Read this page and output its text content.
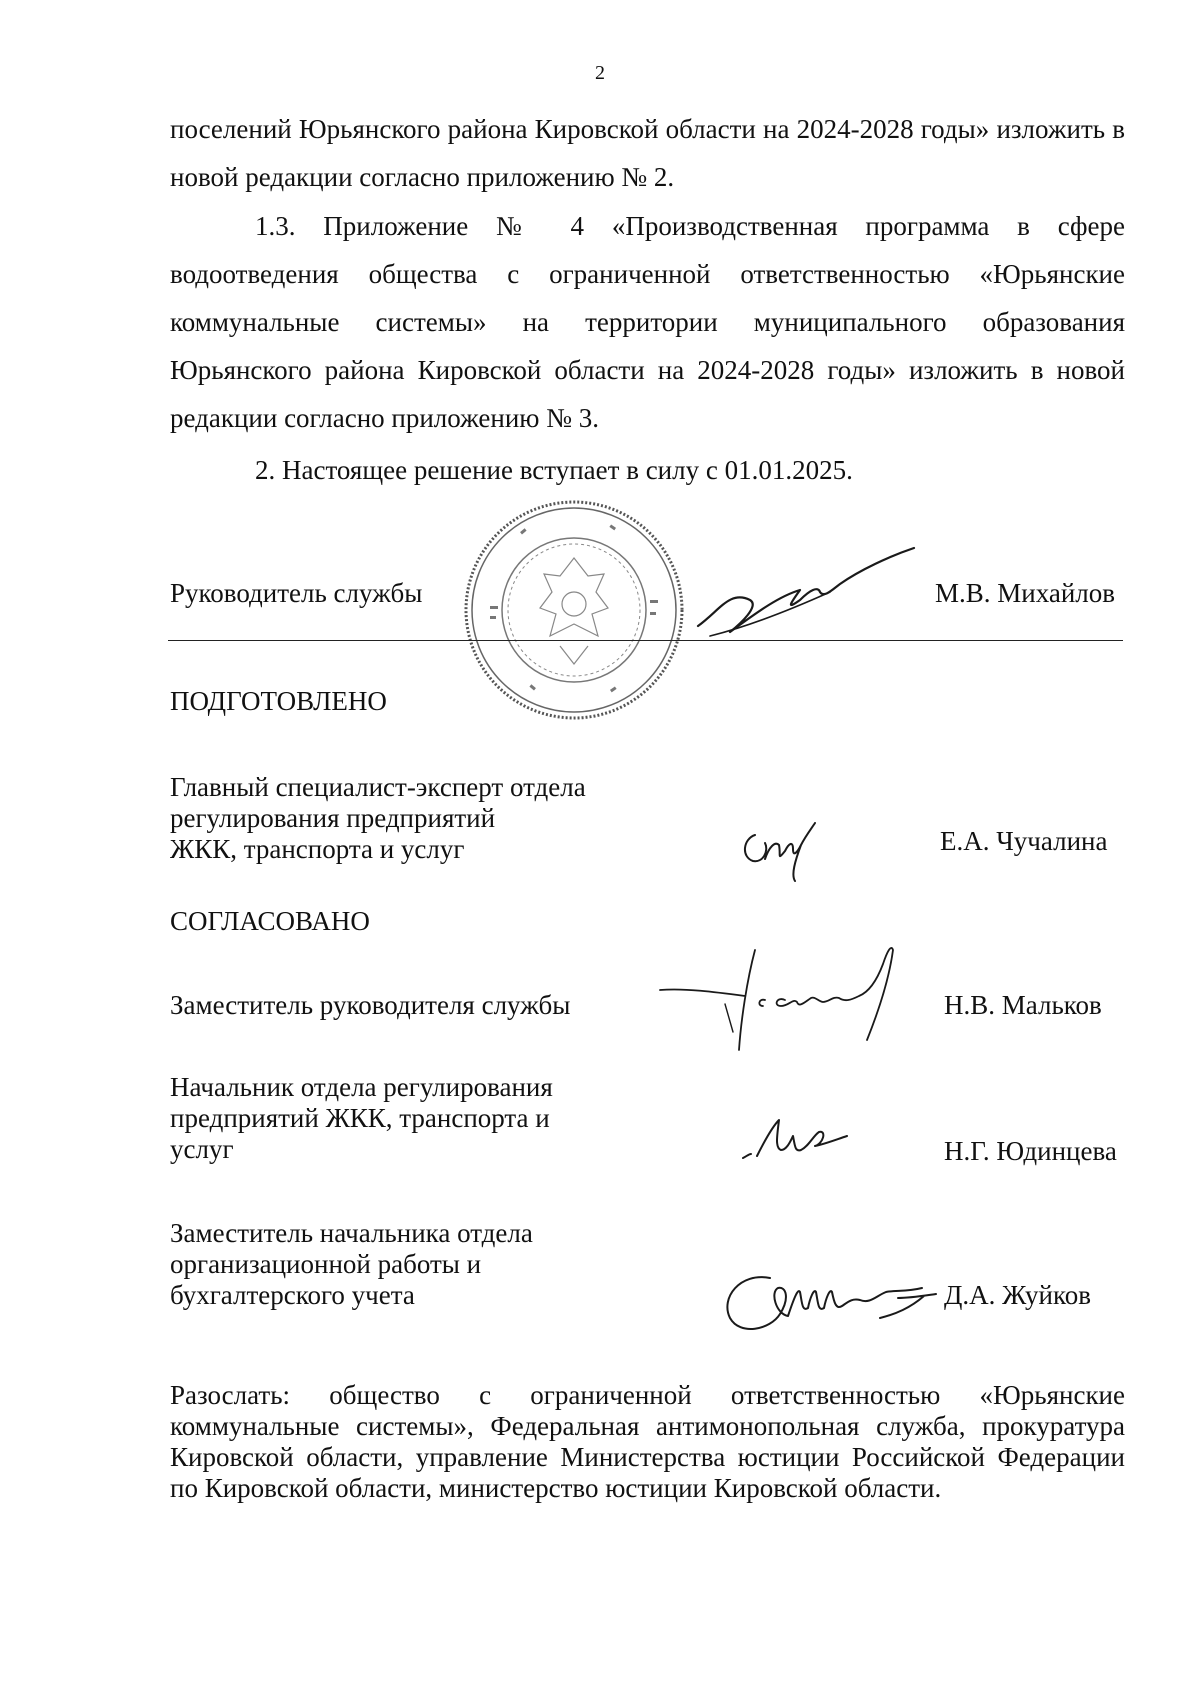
2
поселений Юрьянского района Кировской области на 2024-2028 годы» изложить в новой редакции согласно приложению № 2.
1.3. Приложение № 4 «Производственная программа в сфере водоотведения общества с ограниченной ответственностью «Юрьянские коммунальные системы» на территории муниципального образования Юрьянского района Кировской области на 2024-2028 годы» изложить в новой редакции согласно приложению № 3.
2. Настоящее решение вступает в силу с 01.01.2025.
Руководитель службы	М.В. Михайлов
ПОДГОТОВЛЕНО
Главный специалист-эксперт отдела
регулирования предприятий
ЖКК, транспорта и услуг	Е.А. Чучалина
СОГЛАСОВАНО
Заместитель руководителя службы	Н.В. Мальков
Начальник отдела регулирования
предприятий ЖКК, транспорта и
услуг	Н.Г. Юдинцева
Заместитель начальника отдела
организационной работы и
бухгалтерского учета	Д.А. Жуйков
Разослать: общество с ограниченной ответственностью «Юрьянские коммунальные системы», Федеральная антимонопольная служба, прокуратура Кировской области, управление Министерства юстиции Российской Федерации по Кировской области, министерство юстиции Кировской области.
